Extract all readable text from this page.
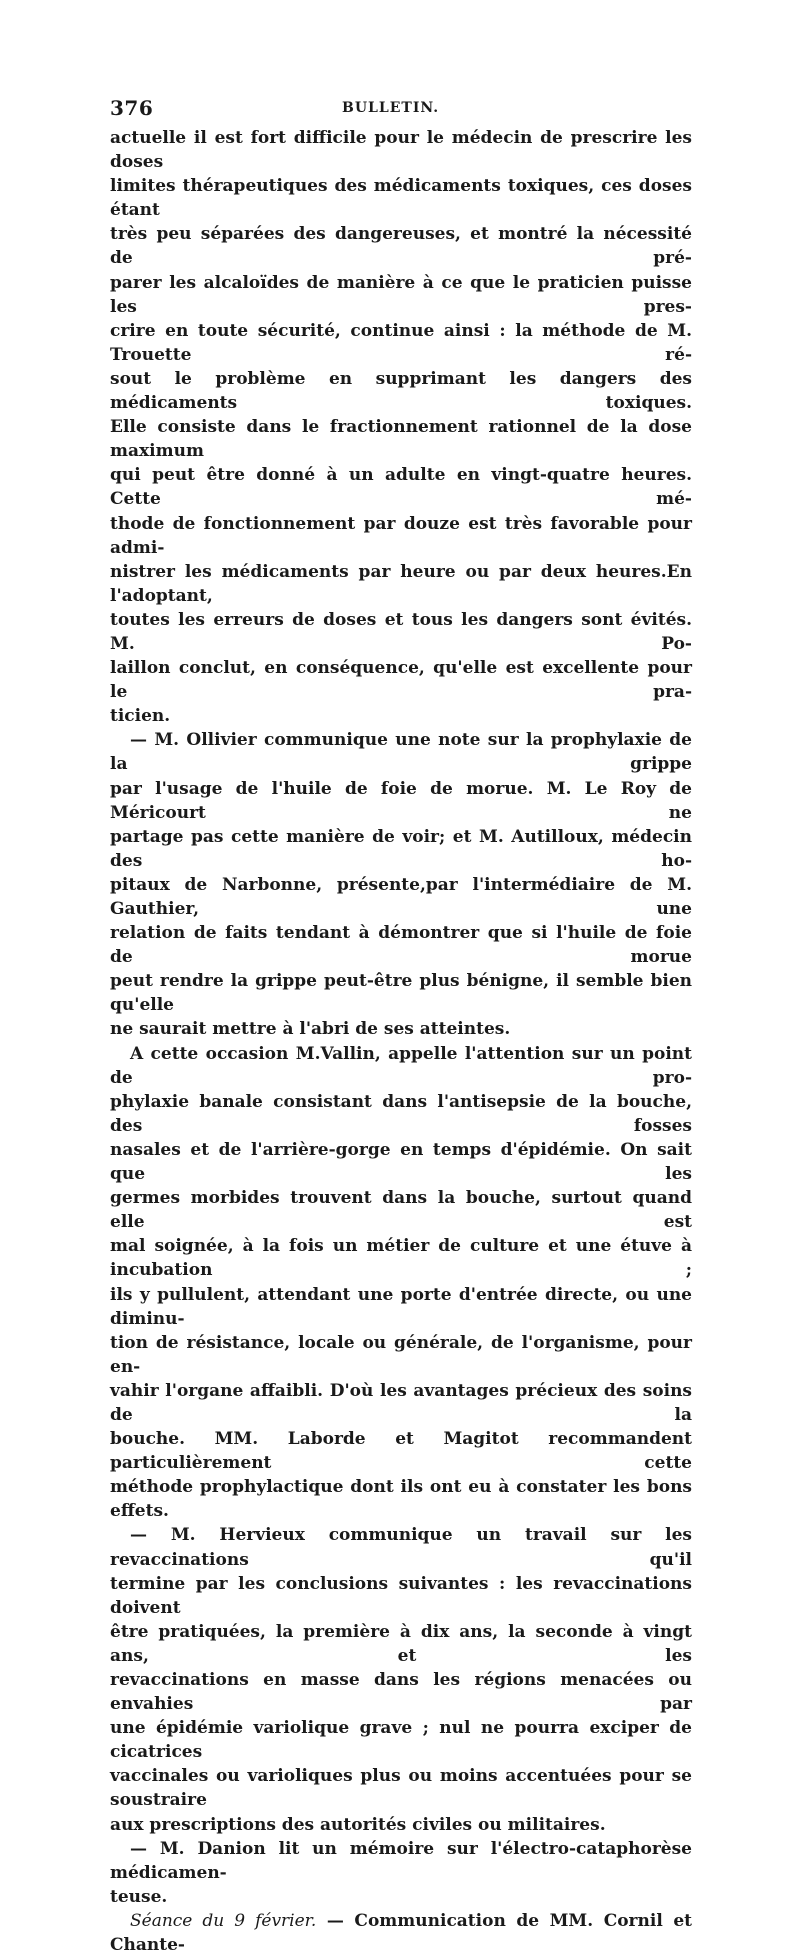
376	BULLETIN.

actuelle il est fort difficile pour le médecin de prescrire les doses

limites thérapeutiques des médicaments toxiques, ces doses étant

très peu séparées des dangereuses, et montré la nécessité de pré-

parer les alcaloïdes de manière à ce que le praticien puisse les pres-

crire en toute sécurité, continue ainsi : la méthode de M. Trouette ré-

sout le problème en supprimant les dangers des médicaments toxiques.

Elle consiste dans le fractionnement rationnel de la dose maximum

qui peut être donné à un adulte en vingt-quatre heures. Cette mé-

thode de fonctionnement par douze est très favorable pour admi-

nistrer les médicaments par heure ou par deux heures.En l'adoptant,

toutes les erreurs de doses et tous les dangers sont évités. M. Po-

laillon conclut, en conséquence, qu'elle est excellente pour le pra-

ticien.

— M. Ollivier communique une note sur la prophylaxie de la grippe

par l'usage de l'huile de foie de morue. M. Le Roy de Méricourt ne

partage pas cette manière de voir; et M. Autilloux, médecin des ho-

pitaux de Narbonne, présente,par l'intermédiaire de M. Gauthier, une

relation de faits tendant à démontrer que si l'huile de foie de morue

peut rendre la grippe peut-être plus bénigne, il semble bien qu'elle

ne saurait mettre à l'abri de ses atteintes.

A cette occasion M.Vallin, appelle l'attention sur un point de pro-

phylaxie banale consistant dans l'antisepsie de la bouche, des fosses

nasales et de l'arrière-gorge en temps d'épidémie. On sait que les

germes morbides trouvent dans la bouche, surtout quand elle est

mal soignée, à la fois un métier de culture et une étuve à incubation ;

ils y pullulent, attendant une porte d'entrée directe, ou une diminu-

tion de résistance, locale ou générale, de l'organisme, pour en-

vahir l'organe affaibli. D'où les avantages précieux des soins de la

bouche. MM. Laborde et Magitot recommandent particulièrement cette

méthode prophylactique dont ils ont eu à constater les bons effets.

— M. Hervieux communique un travail sur les revaccinations qu'il

termine par les conclusions suivantes : les revaccinations doivent

être pratiquées, la première à dix ans, la seconde à vingt ans, et les

revaccinations en masse dans les régions menacées ou envahies par

une épidémie variolique grave ; nul ne pourra exciper de cicatrices

vaccinales ou varioliques plus ou moins accentuées pour se soustraire

aux prescriptions des autorités civiles ou militaires.

— M. Danion lit un mémoire sur l'électro-cataphorèse médicamen-

teuse.

Séance du 9 février. — Communication de MM. Cornil et Chante-
